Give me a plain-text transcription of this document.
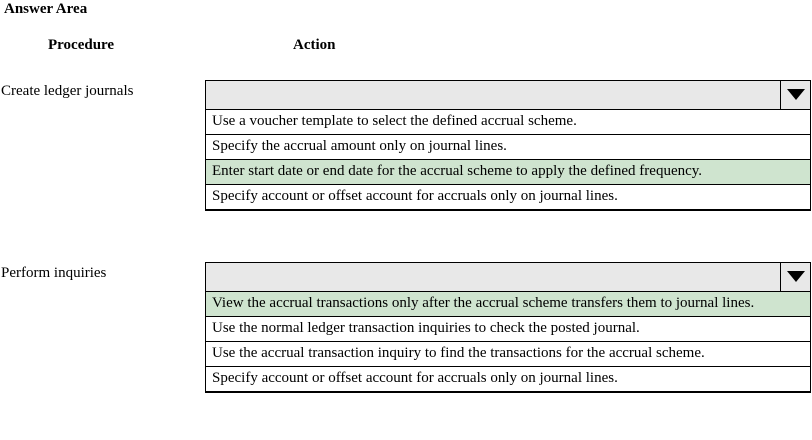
Answer Area
Procedure	Action
Create ledger journals
Use a voucher template to select the defined accrual scheme.
Specify the accrual amount only on journal lines.
Enter start date or end date for the accrual scheme to apply the defined frequency.
Specify account or offset account for accruals only on journal lines.
Perform inquiries
View the accrual transactions only after the accrual scheme transfers them to journal lines.
Use the normal ledger transaction inquiries to check the posted journal.
Use the accrual transaction inquiry to find the transactions for the accrual scheme.
Specify account or offset account for accruals only on journal lines.
